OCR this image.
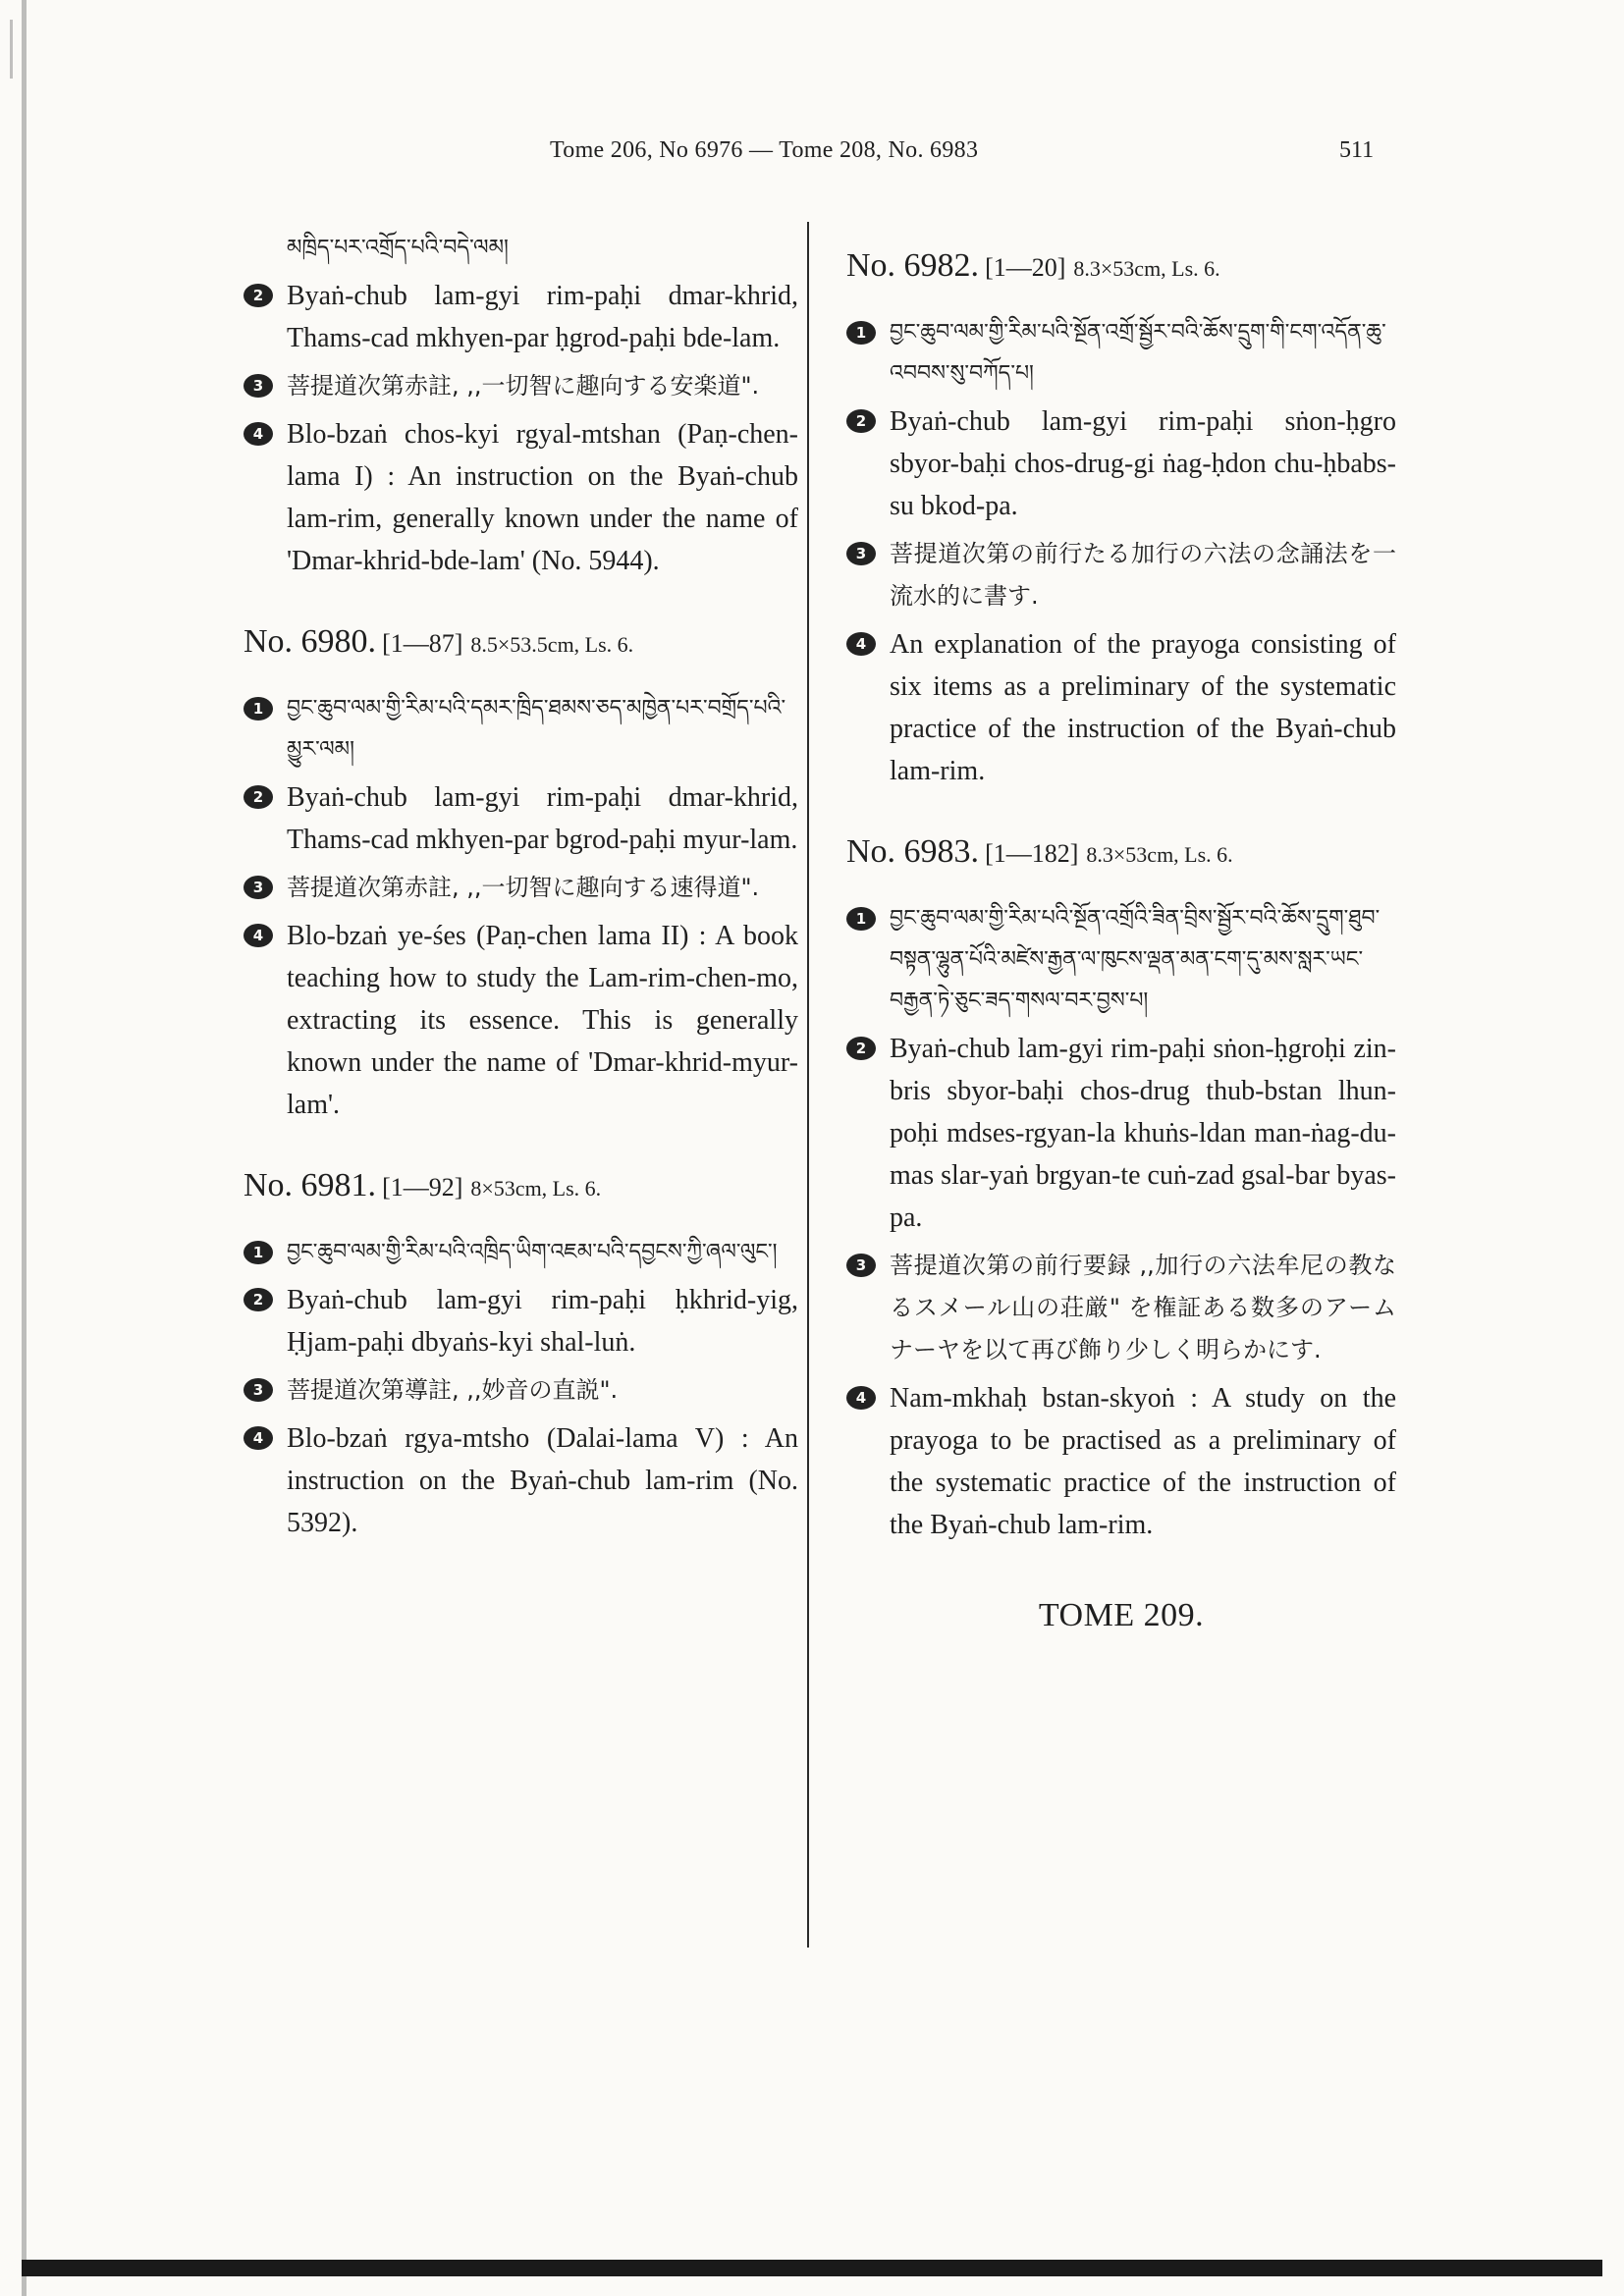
Tome 206, No 6976 — Tome 208, No. 6983	511
མཁྲིད་པར་འགྲོད་པའི་བདེ་ལམ།
2 Byaṅ-chub lam-gyi rim-paḥi dmar-khrid, Thams-cad mkhyen-par ḥgrod-paḥi bde-lam.
3 菩提道次第赤註, ,,一切智に趣向する安楽道".
4 Blo-bzaṅ chos-kyi rgyal-mtshan (Paṇ-chen-lama I) : An instruction on the Byaṅ-chub lam-rim, generally known under the name of 'Dmar-khrid-bde-lam' (No. 5944).
No. 6980. [1—87] 8.5×53.5cm, Ls. 6.
1	བྱང་ཆུབ་ལམ་གྱི་རིམ་པའི་དམར་ཁྲིད་ཐམས་ཅད་མཁྱེན་པར་བགྲོད་པའི་མྱུར་ལམ།
2 Byaṅ-chub lam-gyi rim-paḥi dmar-khrid, Thams-cad mkhyen-par bgrod-paḥi myur-lam.
3 菩提道次第赤註, ,,一切智に趣向する速得道".
4 Blo-bzaṅ ye-śes (Paṇ-chen lama II) : A book teaching how to study the Lam-rim-chen-mo, extracting its essence. This is generally known under the name of 'Dmar-khrid-myur-lam'.
No. 6981. [1—92] 8×53cm, Ls. 6.
1	བྱང་ཆུབ་ལམ་གྱི་རིམ་པའི་འཁྲིད་ཡིག་འཇམ་པའི་དབྱངས་ཀྱི་ཞལ་ལུང་།
2 Byaṅ-chub lam-gyi rim-paḥi ḥkhrid-yig, Ḥjam-paḥi dbyaṅs-kyi shal-luṅ.
3 菩提道次第導註, ,,妙音の直説".
4 Blo-bzaṅ rgya-mtsho (Dalai-lama V) : An instruction on the Byaṅ-chub lam-rim (No. 5392).
No. 6982. [1—20] 8.3×53cm, Ls. 6.
1	བྱང་ཆུབ་ལམ་གྱི་རིམ་པའི་སྔོན་འགྲོ་སྦྱོར་བའི་ཆོས་དྲུག་གི་ངག་འདོན་ཆུ་འབབས་སུ་བཀོད་པ།
2 Byaṅ-chub lam-gyi rim-paḥi sṅon-ḥgro sbyor-baḥi chos-drug-gi ṅag-ḥdon chu-ḥbabs-su bkod-pa.
3 菩提道次第の前行たる加行の六法の念誦法を一流水的に書す.
4 An explanation of the prayoga consisting of six items as a preliminary of the systematic practice of the instruction of the Byaṅ-chub lam-rim.
No. 6983. [1—182] 8.3×53cm, Ls. 6.
1	བྱང་ཆུབ་ལམ་གྱི་རིམ་པའི་སྔོན་འགྲོའི་ཟིན་བྲིས་སྦྱོར་བའི་ཆོས་དྲུག་ཐུབ་བསྟན་ལྷུན་པོའི་མཛེས་རྒྱན་ལ་ཁུངས་ལྡན་མན་ངག་དུ་མས་སླར་ཡང་བརྒྱན་ཏེ་ཅུང་ཟད་གསལ་བར་བྱས་པ།
2 Byaṅ-chub lam-gyi rim-paḥi sṅon-ḥgroḥi zin-bris sbyor-baḥi chos-drug thub-bstan lhun-poḥi mdses-rgyan-la khuṅs-ldan man-ṅag-du-mas slar-yaṅ brgyan-te cuṅ-zad gsal-bar byas-pa.
3 菩提道次第の前行要録 ,,加行の六法牟尼の教なるスメール山の荘厳" を権証ある数多のアームナーヤを以て再び飾り少しく明らかにす.
4 Nam-mkhaḥ bstan-skyoṅ : A study on the prayoga to be practised as a preliminary of the systematic practice of the instruction of the Byaṅ-chub lam-rim.
TOME 209.
